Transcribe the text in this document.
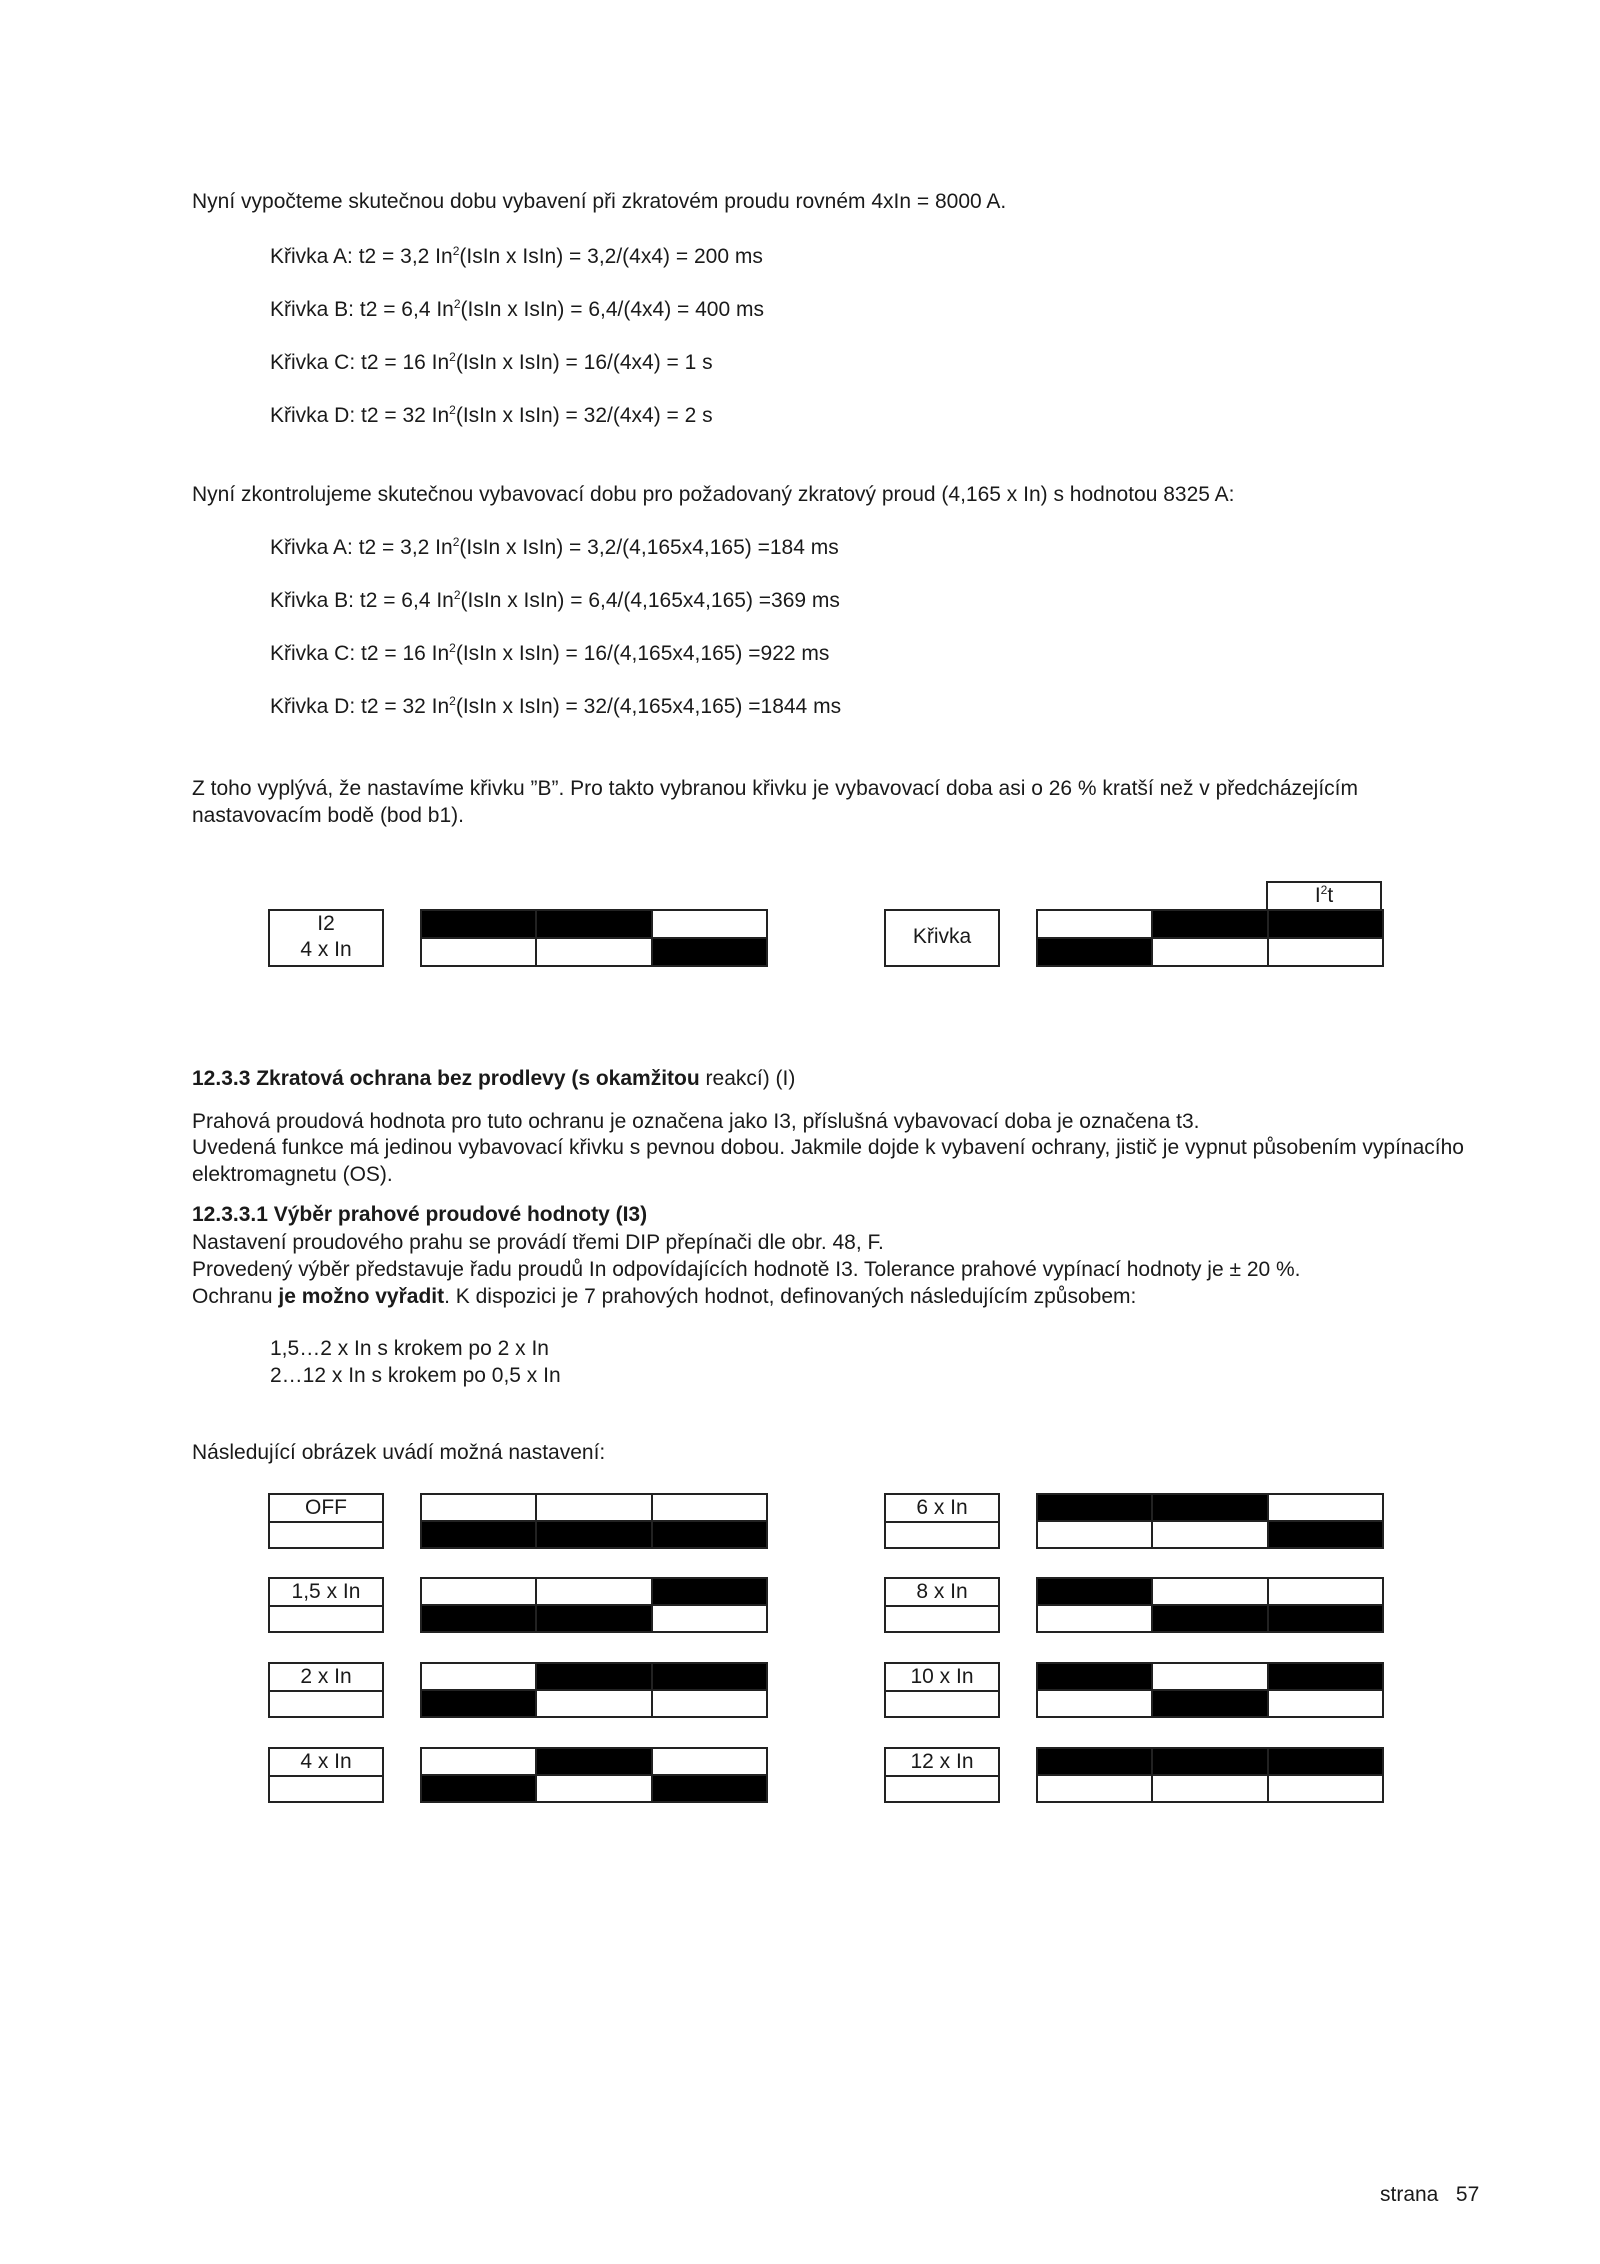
Nyní vypočteme skutečnou dobu vybavení při zkratovém proudu rovném 4xIn = 8000 A.
Křivka A: t2 = 3,2 In$^2$(IsIn x IsIn) = 3,2/(4x4) = 200 ms
Křivka B: t2 = 6,4 In$^2$(IsIn x IsIn) = 6,4/(4x4) = 400 ms
Křivka C: t2 = 16 In$^2$(IsIn x IsIn) = 16/(4x4) = 1 s
Křivka D: t2 = 32 In$^2$(IsIn x IsIn) = 32/(4x4) = 2 s
Nyní zkontrolujeme skutečnou vybavovací dobu pro požadovaný zkratový proud (4,165 x In) s hodnotou 8325 A:
Křivka A: t2 = 3,2 In$^2$(IsIn x IsIn) = 3,2/(4,165x4,165) =184 ms
Křivka B: t2 = 6,4 In$^2$(IsIn x IsIn) = 6,4/(4,165x4,165) =369 ms
Křivka C: t2 = 16 In$^2$(IsIn x IsIn) = 16/(4,165x4,165) =922 ms
Křivka D: t2 = 32 In$^2$(IsIn x IsIn) = 32/(4,165x4,165) =1844 ms
Z toho vyplývá, že nastavíme křivku ”B”. Pro takto vybranou křivku je vybavovací doba asi o 26 % kratší než v předcházejícím nastavovacím bodě (bod b1).
I2
4 x In
Křivka
$I^2t$
12.3.3 Zkratová ochrana bez prodlevy (s okamžitou reakcí) (I)
Prahová proudová hodnota pro tuto ochranu je označena jako I3, příslušná vybavovací doba je označena t3.
Uvedená funkce má jedinou vybavovací křivku s pevnou dobou. Jakmile dojde k vybavení ochrany, jistič je vypnut působením vypínacího elektromagnetu (OS).
12.3.3.1 Výběr prahové proudové hodnoty (I3)
Nastavení proudového prahu se provádí třemi DIP přepínači dle obr. 48, F.
Provedený výběr představuje řadu proudů In odpovídajících hodnotě I3. Tolerance prahové vypínací hodnoty je ± 20 %.
Ochranu je možno vyřadit. K dispozici je 7 prahových hodnot, definovaných následujícím způsobem:
1,5…2 x In s krokem po 2 x In
2…12 x In s krokem po 0,5 x In
Následující obrázek uvádí možná nastavení:
OFF
1,5 x In
2 x In
4 x In
6 x In
8 x In
10 x In
12 x In
strana 57
